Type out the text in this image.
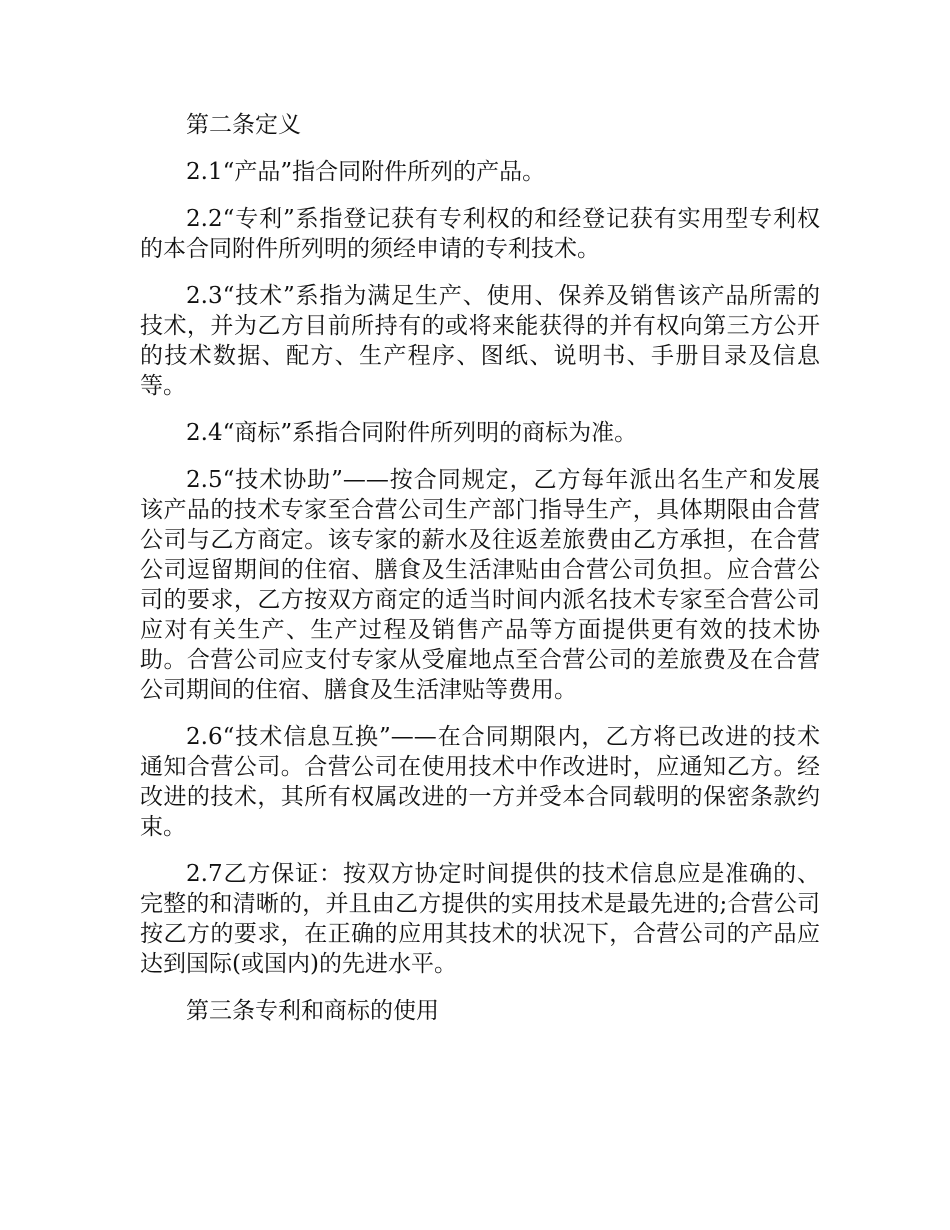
第二条定义

2.1“产品”指合同附件所列的产品。

2.2“专利”系指登记获有专利权的和经登记获有实用型专利权的本合同附件所列明的须经申请的专利技术。

2.3“技术”系指为满足生产、使用、保养及销售该产品所需的技术，并为乙方目前所持有的或将来能获得的并有权向第三方公开的技术数据、配方、生产程序、图纸、说明书、手册目录及信息等。

2.4“商标”系指合同附件所列明的商标为准。

2.5“技术协助”——按合同规定，乙方每年派出名生产和发展该产品的技术专家至合营公司生产部门指导生产，具体期限由合营公司与乙方商定。该专家的薪水及往返差旅费由乙方承担，在合营公司逗留期间的住宿、膳食及生活津贴由合营公司负担。应合营公司的要求，乙方按双方商定的适当时间内派名技术专家至合营公司应对有关生产、生产过程及销售产品等方面提供更有效的技术协助。合营公司应支付专家从受雇地点至合营公司的差旅费及在合营公司期间的住宿、膳食及生活津贴等费用。

2.6“技术信息互换”——在合同期限内，乙方将已改进的技术通知合营公司。合营公司在使用技术中作改进时，应通知乙方。经改进的技术，其所有权属改进的一方并受本合同载明的保密条款约束。

2.7乙方保证：按双方协定时间提供的技术信息应是准确的、完整的和清晰的，并且由乙方提供的实用技术是最先进的;合营公司按乙方的要求，在正确的应用其技术的状况下，合营公司的产品应达到国际(或国内)的先进水平。

第三条专利和商标的使用
